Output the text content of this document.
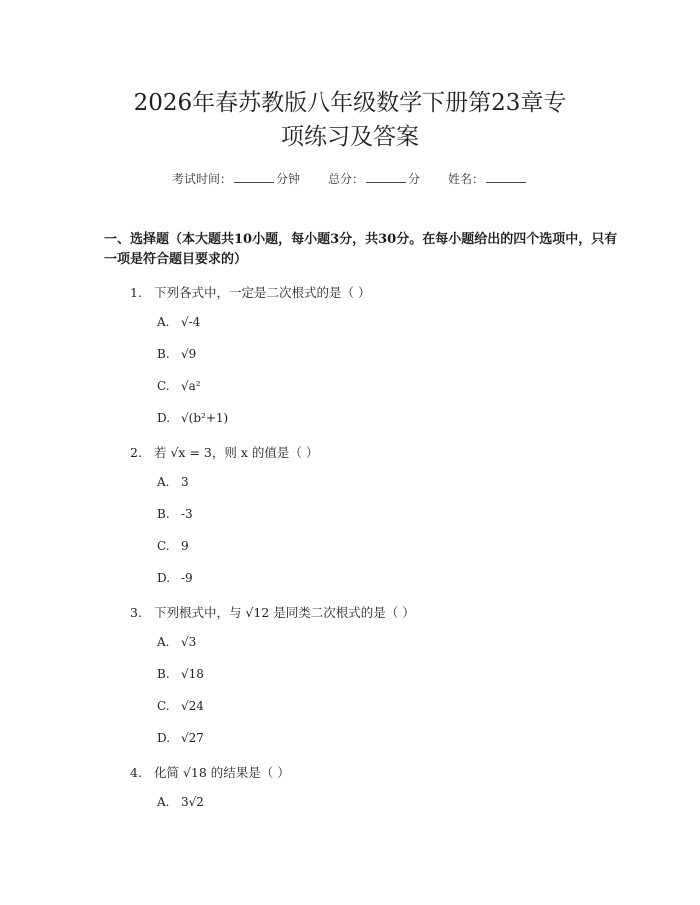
2026年春苏教版八年级数学下册第23章专
项练习及答案
考试时间：	分钟 总分：	分 姓名：
一、选择题（本大题共10小题，每小题3分，共30分。在每小题给出的四个选项中，只有一项是符合题目要求的）
1. 下列各式中，一定是二次根式的是（ ）
A. √-4
B. √9
C. √a²
D. √(b²+1)
2. 若 √x = 3，则 x 的值是（ ）
A. 3
B. -3
C. 9
D. -9
3. 下列根式中，与 √12 是同类二次根式的是（ ）
A. √3
B. √18
C. √24
D. √27
4. 化简 √18 的结果是（ ）
A. 3√2
